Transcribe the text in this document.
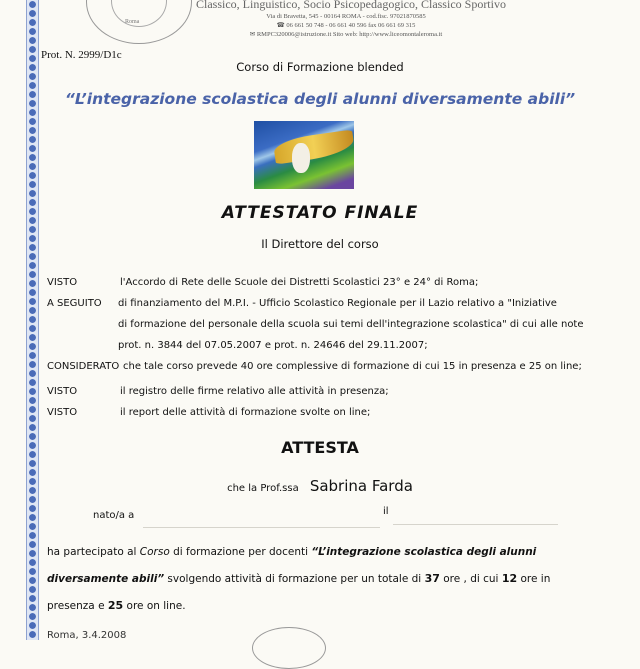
Roma
Classico, Linguistico, Socio Psicopedagogico, Classico Sportivo
Via di Bravetta, 545 - 00164 ROMA - cod.fisc. 97021870585
☎ 06 661 50 748 - 06 661 40 596 fax 06 661 69 315
✉ RMPC320006@istruzione.it Sito web: http://www.liceomontaleroma.it
Prot. N. 2999/D1c
Corso di Formazione blended
“L’integrazione scolastica degli alunni diversamente abili”
ATTESTATO FINALE
Il Direttore del corso
VISTO	l'Accordo di Rete delle Scuole dei Distretti Scolastici 23° e 24° di Roma;
A SEGUITO di finanziamento del M.P.I. - Ufficio Scolastico Regionale per il Lazio relativo a "Iniziative
di formazione del personale della scuola sui temi dell'integrazione scolastica" di cui alle note
prot. n. 3844 del 07.05.2007 e prot. n. 24646 del 29.11.2007;
CONSIDERATO che tale corso prevede 40 ore complessive di formazione di cui 15 in presenza e 25 on line;
VISTO	il registro delle firme relativo alle attività in presenza;
VISTO	il report delle attività di formazione svolte on line;
ATTESTA
che la Prof.ssa Sabrina Farda
nato/a a	il
ha partecipato al Corso di formazione per docenti “L’integrazione scolastica degli alunni
diversamente abili” svolgendo attività di formazione per un totale di 37 ore , di cui 12 ore in
presenza e 25 ore on line.
Roma, 3.4.2008
